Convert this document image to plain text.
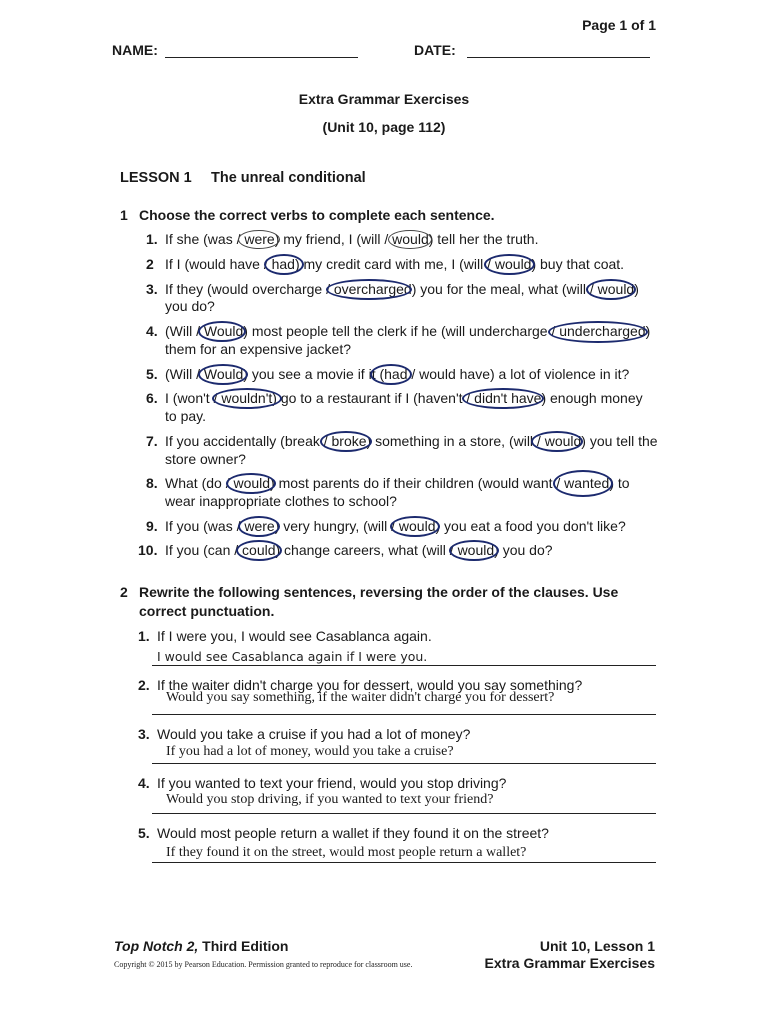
Page 1 of 1
NAME:	DATE:
Extra Grammar Exercises
(Unit 10, page 112)
LESSON 1 The unreal conditional
1 Choose the correct verbs to complete each sentence.
1. If she (was / were) my friend, I (will / would) tell her the truth.
2 If I (would have / had) my credit card with me, I (will / would) buy that coat.
3. If they (would overcharge / overcharged) you for the meal, what (will / would)
you do?
4. (Will / Would) most people tell the clerk if he (will undercharge / undercharged)
them for an expensive jacket?
5. (Will / Would) you see a movie if it (had / would have) a lot of violence in it?
6. I (won't / wouldn't) go to a restaurant if I (haven't / didn't have) enough money
to pay.
7. If you accidentally (break / broke) something in a store, (will / would) you tell the
store owner?
8. What (do / would) most parents do if their children (would want / wanted) to
wear inappropriate clothes to school?
9. If you (was / were) very hungry, (will / would) you eat a food you don't like?
10. If you (can / could) change careers, what (will / would) you do?
2 Rewrite the following sentences, reversing the order of the clauses. Use
correct punctuation.
1. If I were you, I would see Casablanca again.
I would see Casablanca again if I were you.
2. If the waiter didn't charge you for dessert, would you say something?
Would you say something, if the waiter didn't charge you for dessert?
3. Would you take a cruise if you had a lot of money?
If you had a lot of money, would you take a cruise?
4. If you wanted to text your friend, would you stop driving?
Would you stop driving, if you wanted to text your friend?
5. Would most people return a wallet if they found it on the street?
If they found it on the street, would most people return a wallet?
Top Notch 2, Third Edition
Copyright © 2015 by Pearson Education. Permission granted to reproduce for classroom use.
Unit 10, Lesson 1
Extra Grammar Exercises
